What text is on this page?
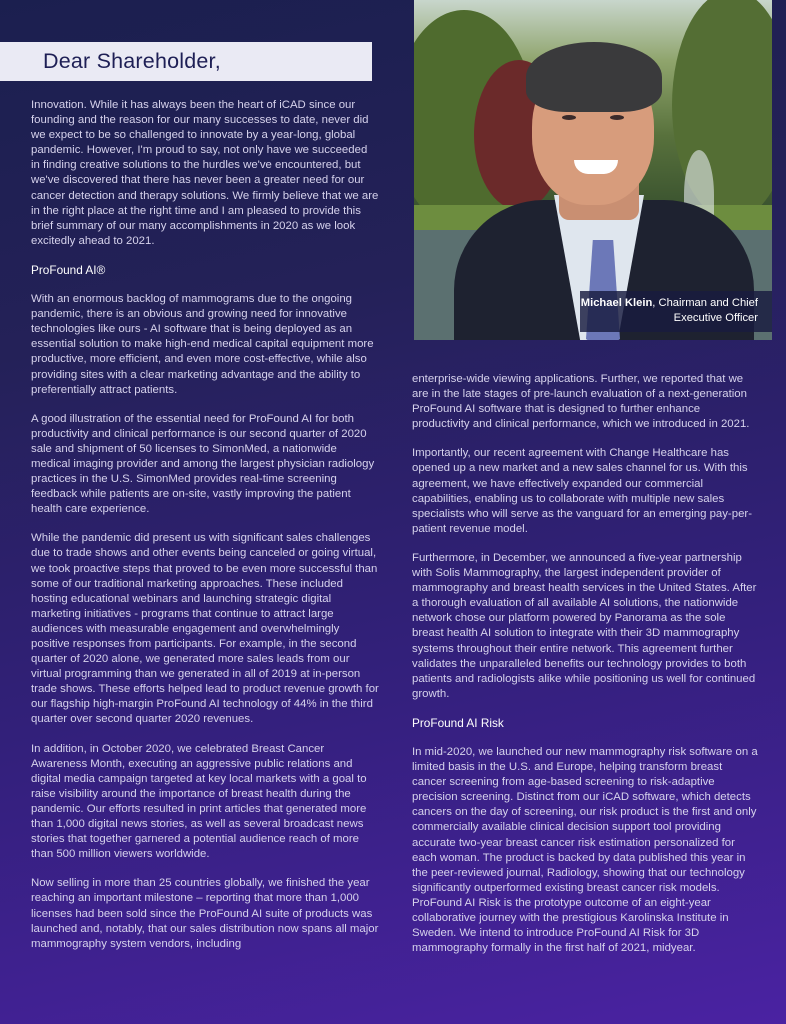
Dear Shareholder,
Michael Klein, Chairman and Chief Executive Officer

Innovation. While it has always been the heart of iCAD since our founding and the reason for our many successes to date, never did we expect to be so challenged to innovate by a year-long, global pandemic. However, I'm proud to say, not only have we succeeded in finding creative solutions to the hurdles we've encountered, but we've discovered that there has never been a greater need for our cancer detection and therapy solutions. We firmly believe that we are in the right place at the right time and I am pleased to provide this brief summary of our many accomplishments in 2020 as we look excitedly ahead to 2021.

ProFound AI®

With an enormous backlog of mammograms due to the ongoing pandemic, there is an obvious and growing need for innovative technologies like ours - AI software that is being deployed as an essential solution to make high-end medical capital equipment more productive, more efficient, and even more cost-effective, while also providing sites with a clear marketing advantage and the ability to preferentially attract patients.

A good illustration of the essential need for ProFound AI for both productivity and clinical performance is our second quarter of 2020 sale and shipment of 50 licenses to SimonMed, a nationwide medical imaging provider and among the largest physician radiology practices in the U.S. SimonMed provides real-time screening feedback while patients are on-site, vastly improving the patient health care experience.

While the pandemic did present us with significant sales challenges due to trade shows and other events being canceled or going virtual, we took proactive steps that proved to be even more successful than some of our traditional marketing approaches. These included hosting educational webinars and launching strategic digital marketing initiatives - programs that continue to attract large audiences with measurable engagement and overwhelmingly positive responses from participants. For example, in the second quarter of 2020 alone, we generated more sales leads from our virtual programming than we generated in all of 2019 at in-person trade shows. These efforts helped lead to product revenue growth for our flagship high-margin ProFound AI technology of 44% in the third quarter over second quarter 2020 revenues.

In addition, in October 2020, we celebrated Breast Cancer Awareness Month, executing an aggressive public relations and digital media campaign targeted at key local markets with a goal to raise visibility around the importance of breast health during the pandemic. Our efforts resulted in print articles that generated more than 1,000 digital news stories, as well as several broadcast news stories that together garnered a potential audience reach of more than 500 million viewers worldwide.

Now selling in more than 25 countries globally, we finished the year reaching an important milestone – reporting that more than 1,000 licenses had been sold since the ProFound AI suite of products was launched and, notably, that our sales distribution now spans all major mammography system vendors, including

enterprise-wide viewing applications. Further, we reported that we are in the late stages of pre-launch evaluation of a next-generation ProFound AI software that is designed to further enhance productivity and clinical performance, which we introduced in 2021.

Importantly, our recent agreement with Change Healthcare has opened up a new market and a new sales channel for us. With this agreement, we have effectively expanded our commercial capabilities, enabling us to collaborate with multiple new sales specialists who will serve as the vanguard for an emerging pay-per-patient revenue model.

Furthermore, in December, we announced a five-year partnership with Solis Mammography, the largest independent provider of mammography and breast health services in the United States. After a thorough evaluation of all available AI solutions, the nationwide network chose our platform powered by Panorama as the sole breast health AI solution to integrate with their 3D mammography systems throughout their entire network. This agreement further validates the unparalleled benefits our technology provides to both patients and radiologists alike while positioning us well for continued growth.

ProFound AI Risk

In mid-2020, we launched our new mammography risk software on a limited basis in the U.S. and Europe, helping transform breast cancer screening from age-based screening to risk-adaptive precision screening. Distinct from our iCAD software, which detects cancers on the day of screening, our risk product is the first and only commercially available clinical decision support tool providing accurate two-year breast cancer risk estimation personalized for each woman. The product is backed by data published this year in the peer-reviewed journal, Radiology, showing that our technology significantly outperformed existing breast cancer risk models. ProFound AI Risk is the prototype outcome of an eight-year collaborative journey with the prestigious Karolinska Institute in Sweden. We intend to introduce ProFound AI Risk for 3D mammography formally in the first half of 2021, midyear.
